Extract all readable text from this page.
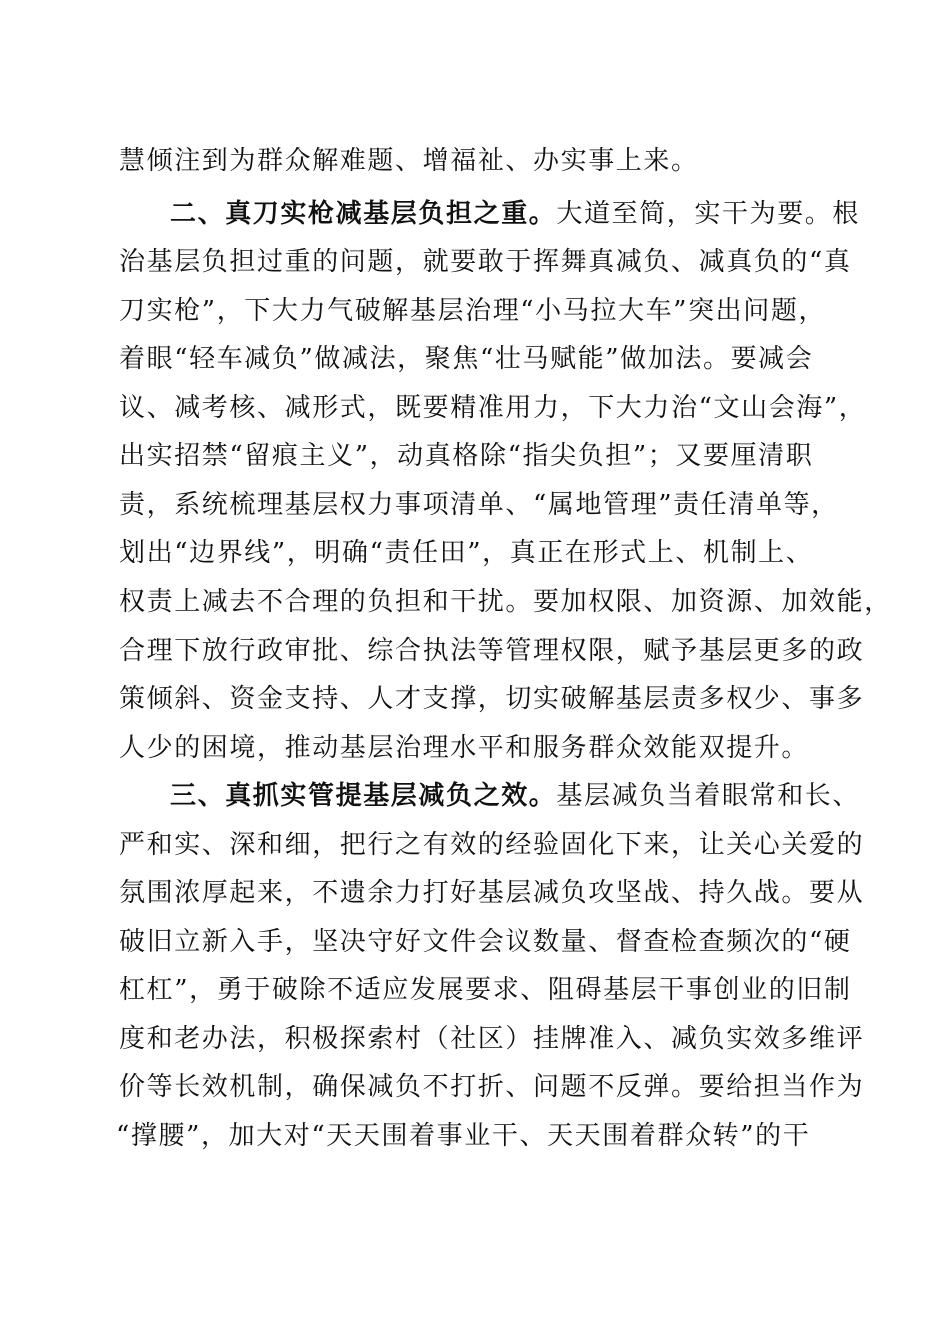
慧倾注到为群众解难题、增福祉、办实事上来。
二、真刀实枪减基层负担之重。大道至简，实干为要。根
治基层负担过重的问题，就要敢于挥舞真减负、减真负的“真
刀实枪”，下大力气破解基层治理“小马拉大车”突出问题，
着眼“轻车减负”做减法，聚焦“壮马赋能”做加法。要减会
议、减考核、减形式，既要精准用力，下大力治“文山会海”，
出实招禁“留痕主义”，动真格除“指尖负担”；又要厘清职
责，系统梳理基层权力事项清单、“属地管理”责任清单等，
划出“边界线”，明确“责任田”，真正在形式上、机制上、
权责上减去不合理的负担和干扰。要加权限、加资源、加效能，
合理下放行政审批、综合执法等管理权限，赋予基层更多的政
策倾斜、资金支持、人才支撑，切实破解基层责多权少、事多
人少的困境，推动基层治理水平和服务群众效能双提升。
三、真抓实管提基层减负之效。基层减负当着眼常和长、
严和实、深和细，把行之有效的经验固化下来，让关心关爱的
氛围浓厚起来，不遗余力打好基层减负攻坚战、持久战。要从
破旧立新入手，坚决守好文件会议数量、督查检查频次的“硬
杠杠”，勇于破除不适应发展要求、阻碍基层干事创业的旧制
度和老办法，积极探索村（社区）挂牌准入、减负实效多维评
价等长效机制，确保减负不打折、问题不反弹。要给担当作为
“撑腰”，加大对“天天围着事业干、天天围着群众转”的干
